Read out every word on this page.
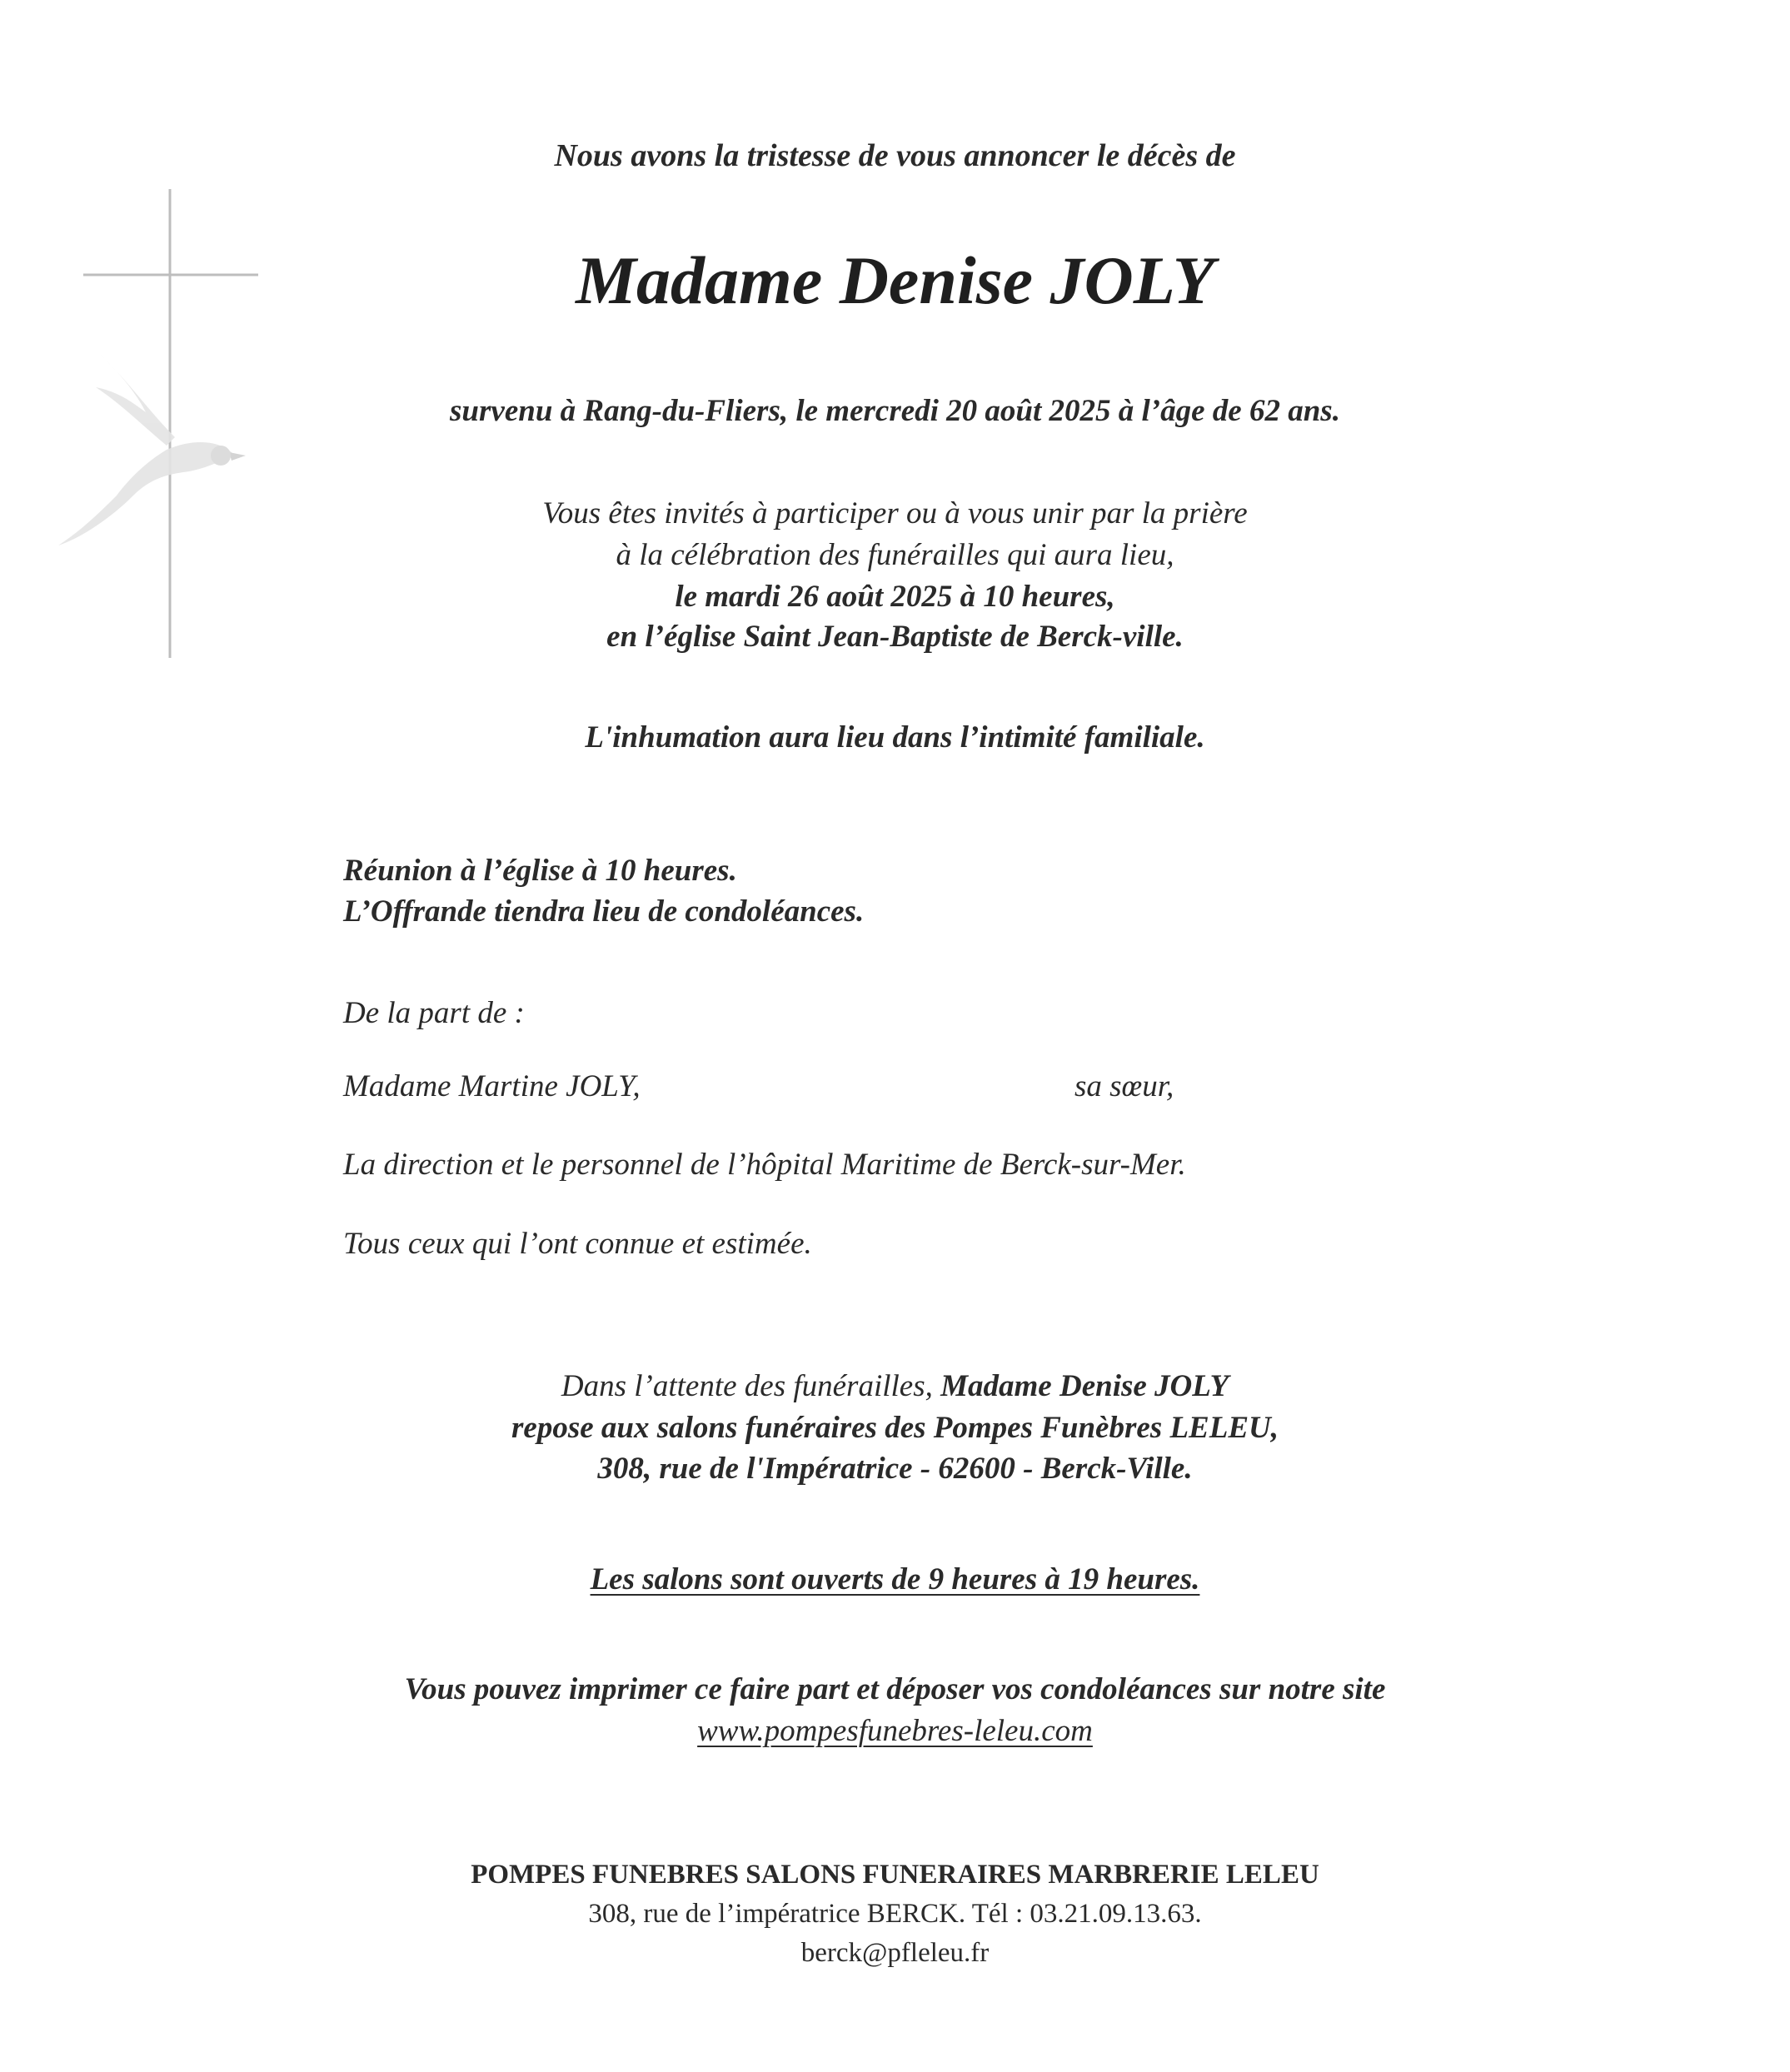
Nous avons la tristesse de vous annoncer le décès de
Madame Denise JOLY
survenu à Rang-du-Fliers, le mercredi 20 août 2025 à l’âge de 62 ans.
Vous êtes invités à participer ou à vous unir par la prière
à la célébration des funérailles qui aura lieu,
le mardi 26 août 2025 à 10 heures,
en l’église Saint Jean-Baptiste de Berck-ville.
L'inhumation aura lieu dans l’intimité familiale.
Réunion à l’église à 10 heures.
L’Offrande tiendra lieu de condoléances.
De la part de :
Madame Martine JOLY,	sa sœur,
La direction et le personnel de l’hôpital Maritime de Berck-sur-Mer.
Tous ceux qui l’ont connue et estimée.
Dans l’attente des funérailles, Madame Denise JOLY
repose aux salons funéraires des Pompes Funèbres LELEU,
308, rue de l'Impératrice - 62600 - Berck-Ville.
Les salons sont ouverts de 9 heures à 19 heures.
Vous pouvez imprimer ce faire part et déposer vos condoléances sur notre site
www.pompesfunebres-leleu.com
POMPES FUNEBRES SALONS FUNERAIRES MARBRERIE LELEU
308, rue de l’impératrice BERCK. Tél : 03.21.09.13.63.
berck@pfleleu.fr
